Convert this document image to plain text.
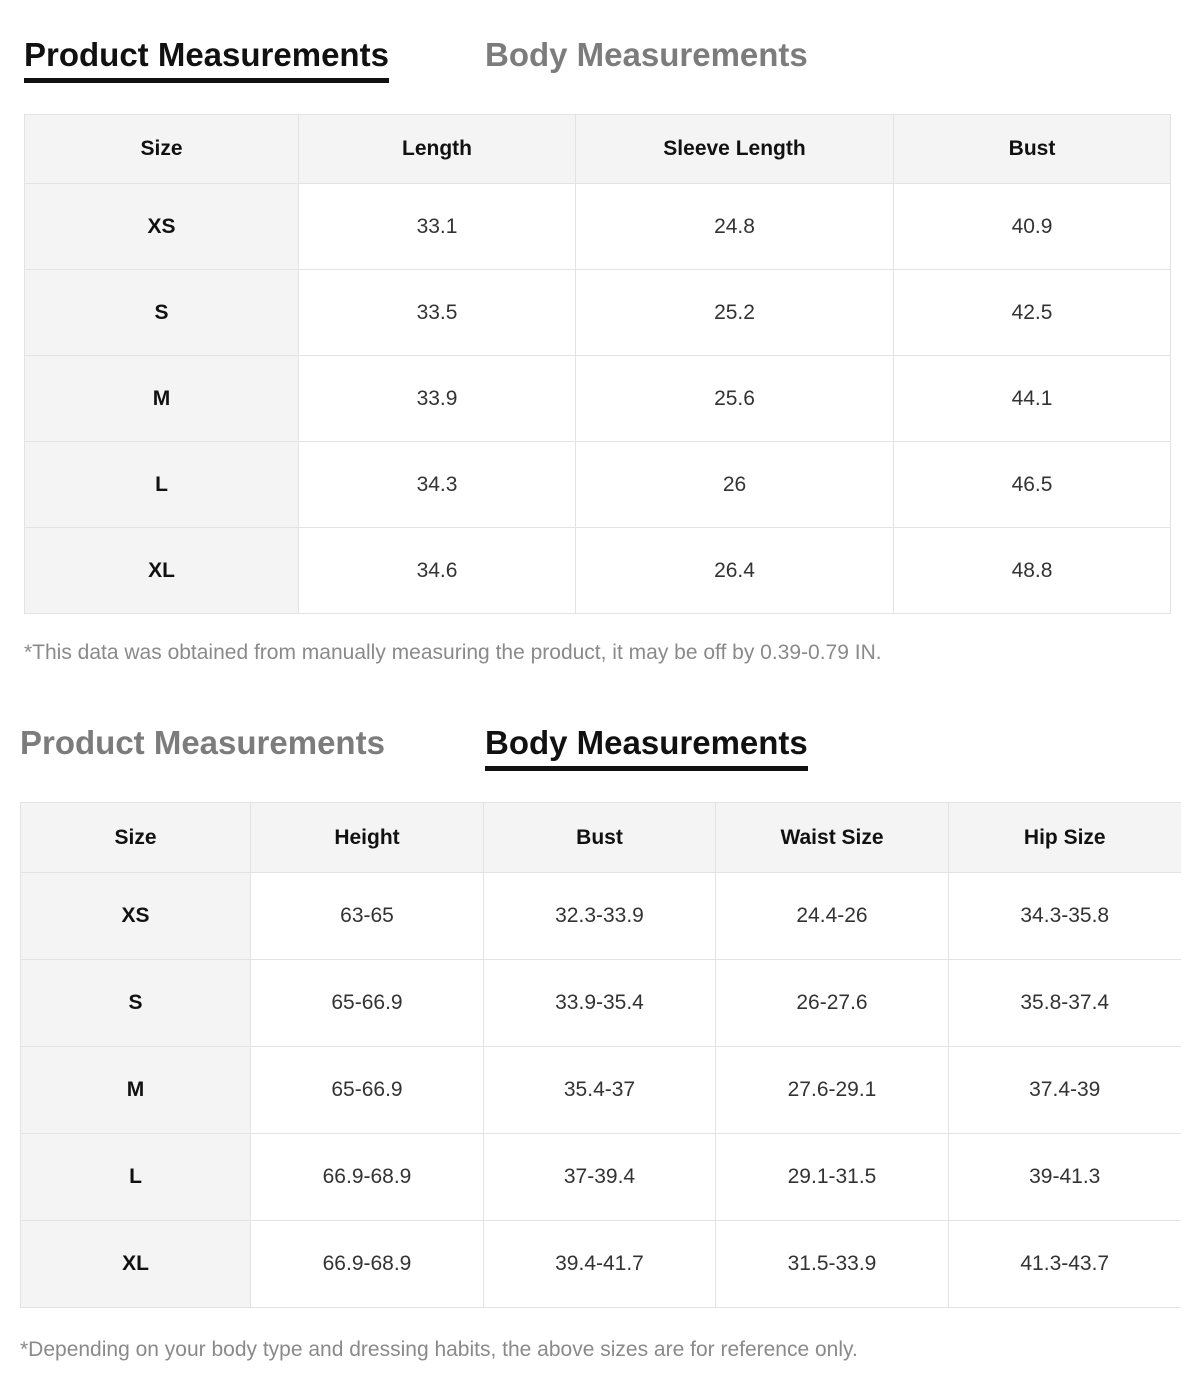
Product Measurements	Body Measurements
Size	Length	Sleeve Length	Bust
XS	33.1	24.8	40.9
S	33.5	25.2	42.5
M	33.9	25.6	44.1
L	34.3	26	46.5
XL	34.6	26.4	48.8
*This data was obtained from manually measuring the product, it may be off by 0.39-0.79 IN.
Product Measurements	Body Measurements
Size	Height	Bust	Waist Size	Hip Size
XS	63-65	32.3-33.9	24.4-26	34.3-35.8
S	65-66.9	33.9-35.4	26-27.6	35.8-37.4
M	65-66.9	35.4-37	27.6-29.1	37.4-39
L	66.9-68.9	37-39.4	29.1-31.5	39-41.3
XL	66.9-68.9	39.4-41.7	31.5-33.9	41.3-43.7
*Depending on your body type and dressing habits, the above sizes are for reference only.
